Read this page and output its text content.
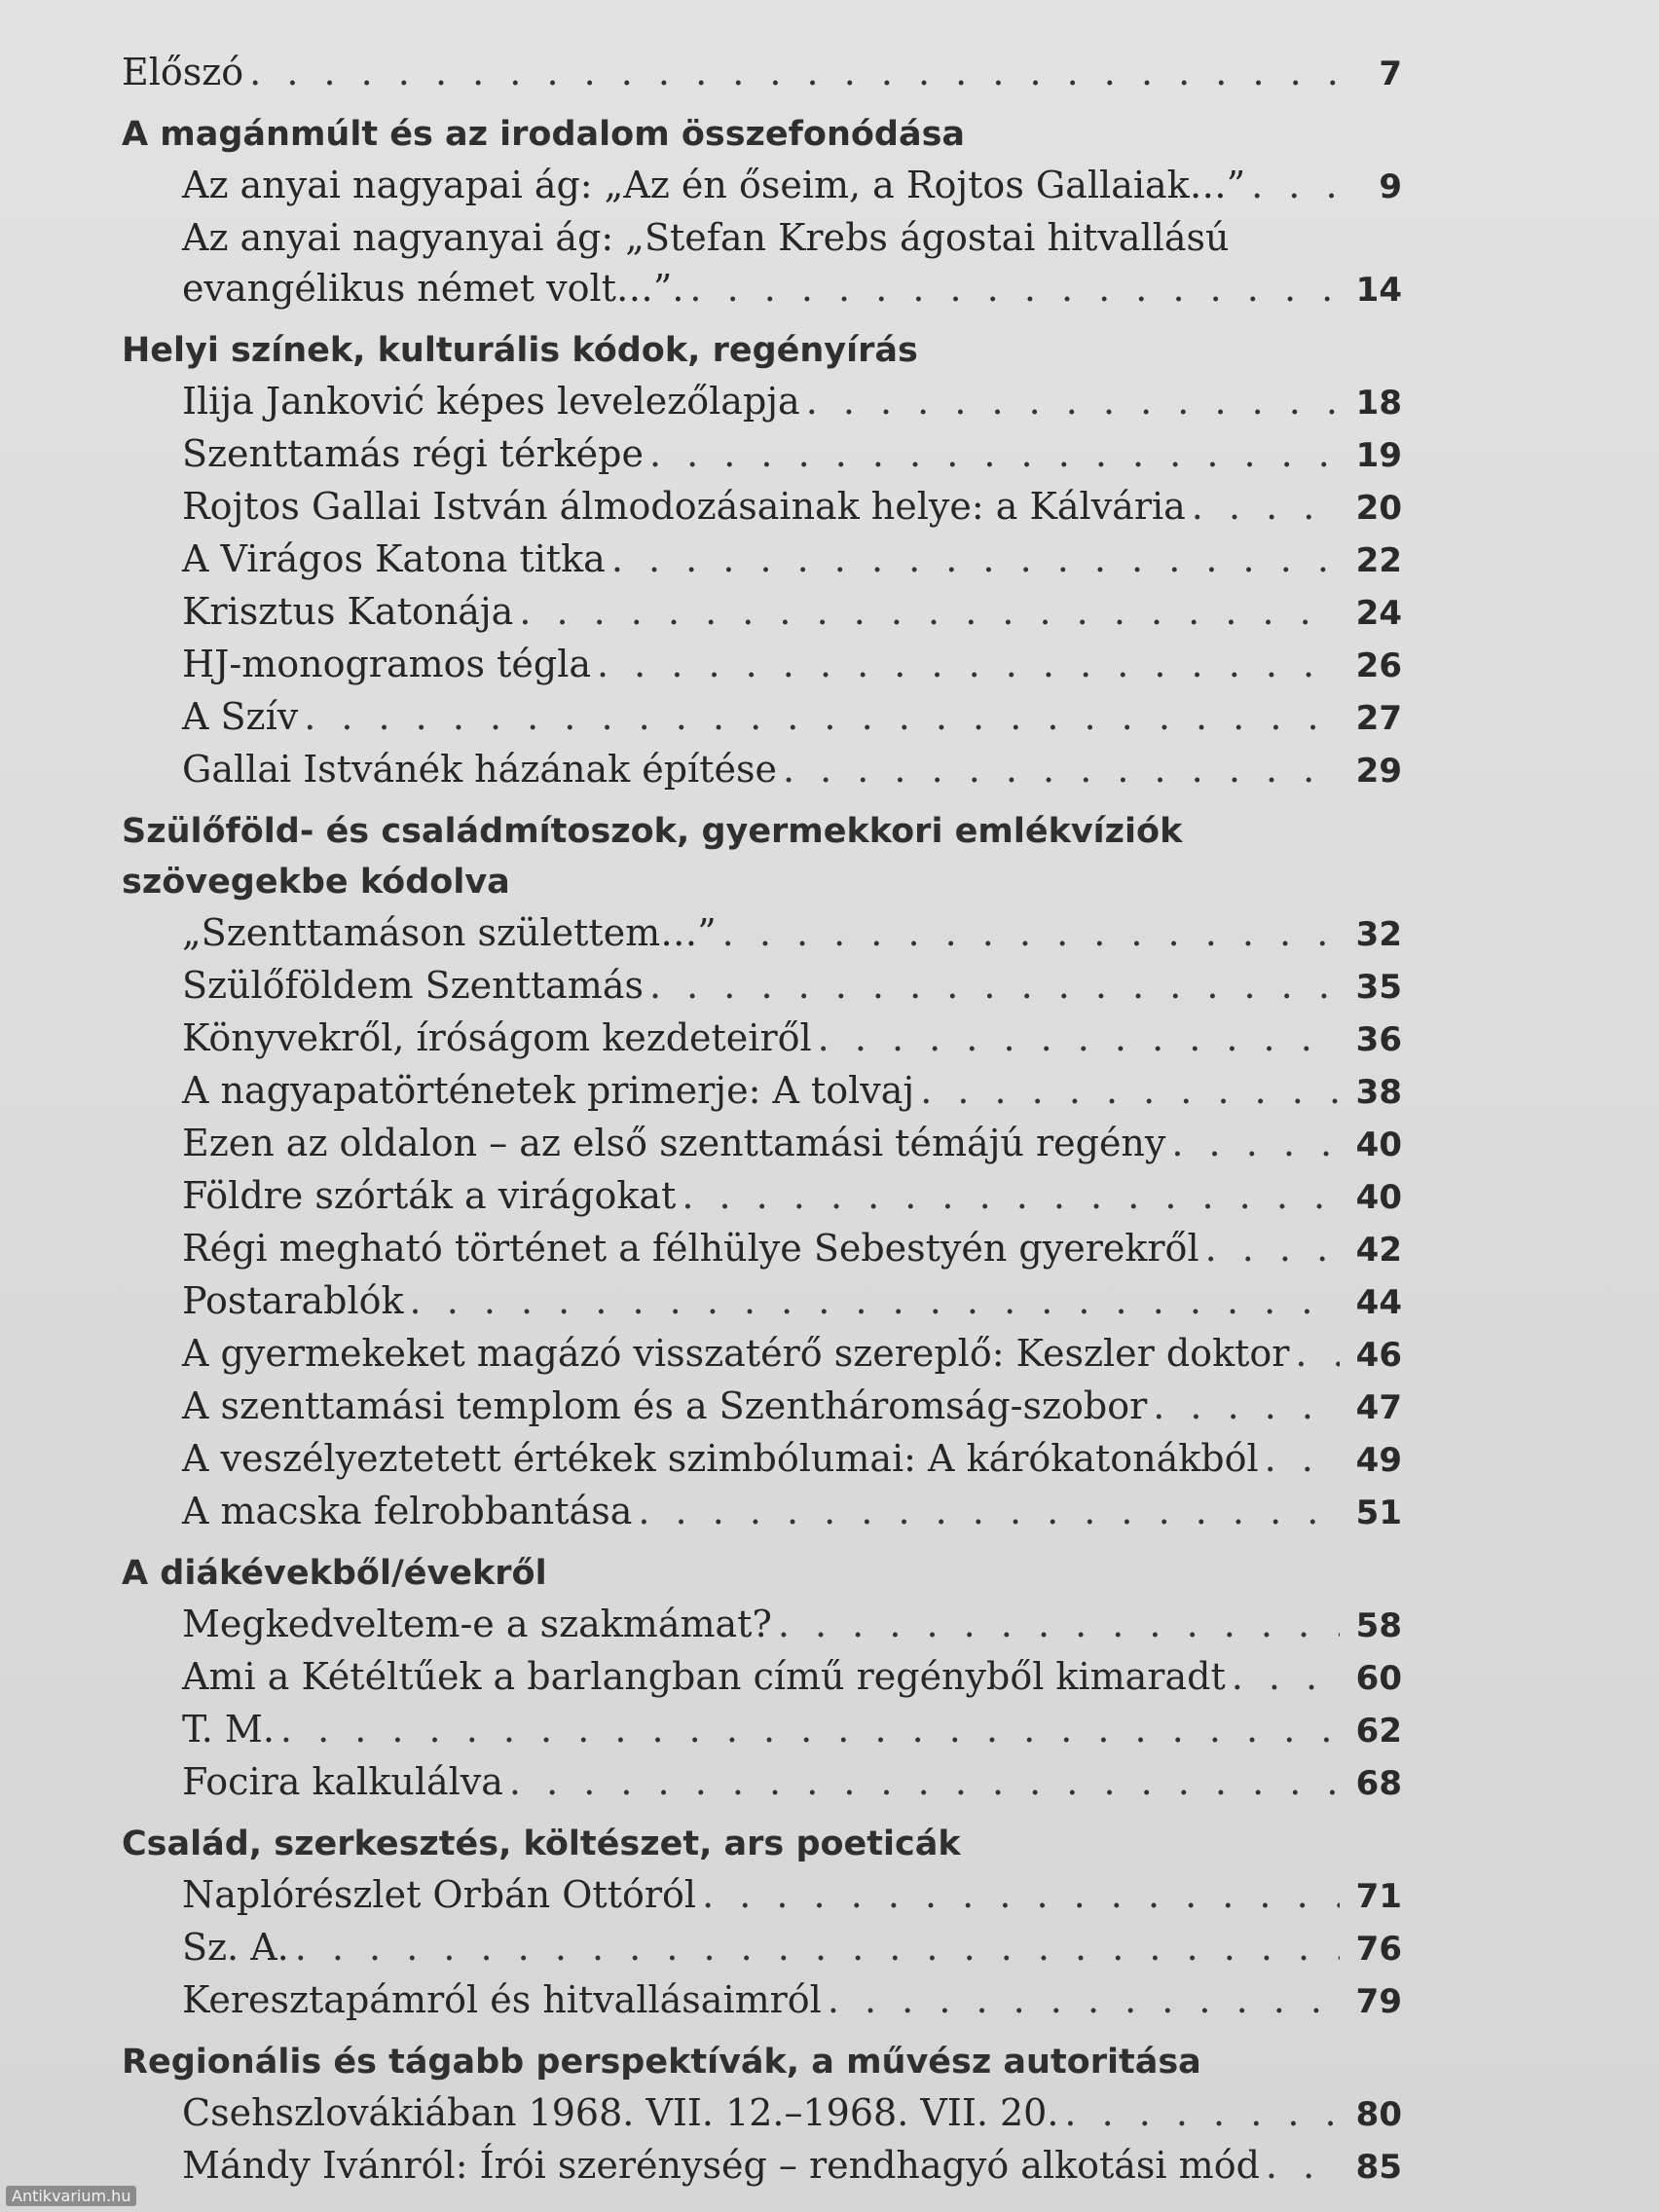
Előszó . . .	7
A magánmúlt és az irodalom összefonódása
Az anyai nagyapai ág: „Az én őseim, a Rojtos Gallaiak…” . . .	9
Az anyai nagyanyai ág: „Stefan Krebs ágostai hitvallású
evangélikus német volt…”. . . .	14
Helyi színek, kulturális kódok, regényírás
Ilija Janković képes levelezőlapja . . .	18
Szenttamás régi térképe . . .	19
Rojtos Gallai István álmodozásainak helye: a Kálvária . . .	20
A Virágos Katona titka . . .	22
Krisztus Katonája . . .	24
HJ-monogramos tégla . . .	26
A Szív . . .	27
Gallai Istvánék házának építése . . .	29
Szülőföld- és családmítoszok, gyermekkori emlékvíziók szövegekbe kódolva
„Szenttamáson születtem…” . . .	32
Szülőföldem Szenttamás . . .	35
Könyvekről, íróságom kezdeteiről . . .	36
A nagyapatörténetek primerje: A tolvaj . . .	38
Ezen az oldalon – az első szenttamási témájú regény . . .	40
Földre szórták a virágokat . . .	40
Régi megható történet a félhülye Sebestyén gyerekről . . .	42
Postarablók . . .	44
A gyermekeket magázó visszatérő szereplő: Keszler doktor . . .	46
A szenttamási templom és a Szentháromság-szobor . . .	47
A veszélyeztetett értékek szimbólumai: A kárókatonákból . . .	49
A macska felrobbantása . . .	51
A diákévekből/évekről
Megkedveltem-e a szakmámat? . . .	58
Ami a Kétéltűek a barlangban című regényből kimaradt . . .	60
T. M. . . .	62
Focira kalkulálva . . .	68
Család, szerkesztés, költészet, ars poeticák
Naplórészlet Orbán Ottóról . . .	71
Sz. A. . . .	76
Keresztapámról és hitvallásaimról . . .	79
Regionális és tágabb perspektívák, a művész autoritása
Csehszlovákiában 1968. VII. 12.–1968. VII. 20. . . .	80
Mándy Ivánról: Írói szerénység – rendhagyó alkotási mód . . .	85
Antikvarium.hu
